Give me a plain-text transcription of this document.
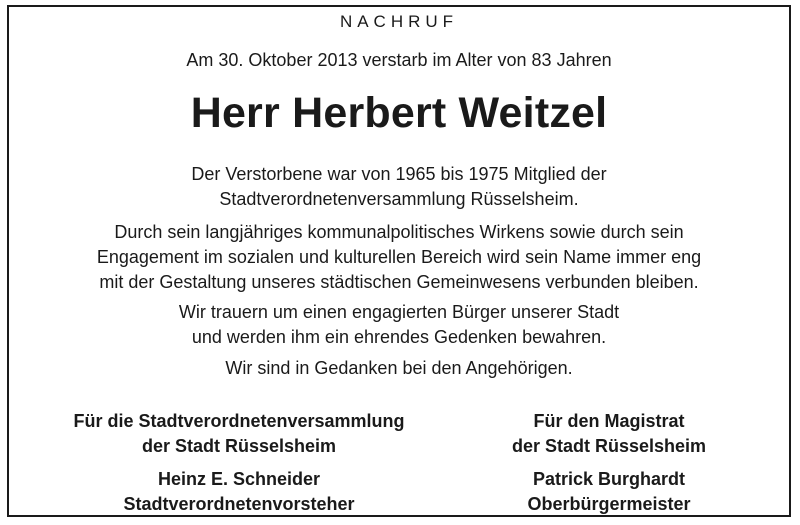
NACHRUF
Am 30. Oktober 2013 verstarb im Alter von 83 Jahren
Herr Herbert Weitzel
Der Verstorbene war von 1965 bis 1975 Mitglied der
Stadtverordnetenversammlung Rüsselsheim.
Durch sein langjähriges kommunalpolitisches Wirkens sowie durch sein
Engagement im sozialen und kulturellen Bereich wird sein Name immer eng
mit der Gestaltung unseres städtischen Gemeinwesens verbunden bleiben.
Wir trauern um einen engagierten Bürger unserer Stadt
und werden ihm ein ehrendes Gedenken bewahren.
Wir sind in Gedanken bei den Angehörigen.
Für die Stadtverordnetenversammlung
der Stadt Rüsselsheim
Heinz E. Schneider
Stadtverordnetenvorsteher
Für den Magistrat
der Stadt Rüsselsheim
Patrick Burghardt
Oberbürgermeister
